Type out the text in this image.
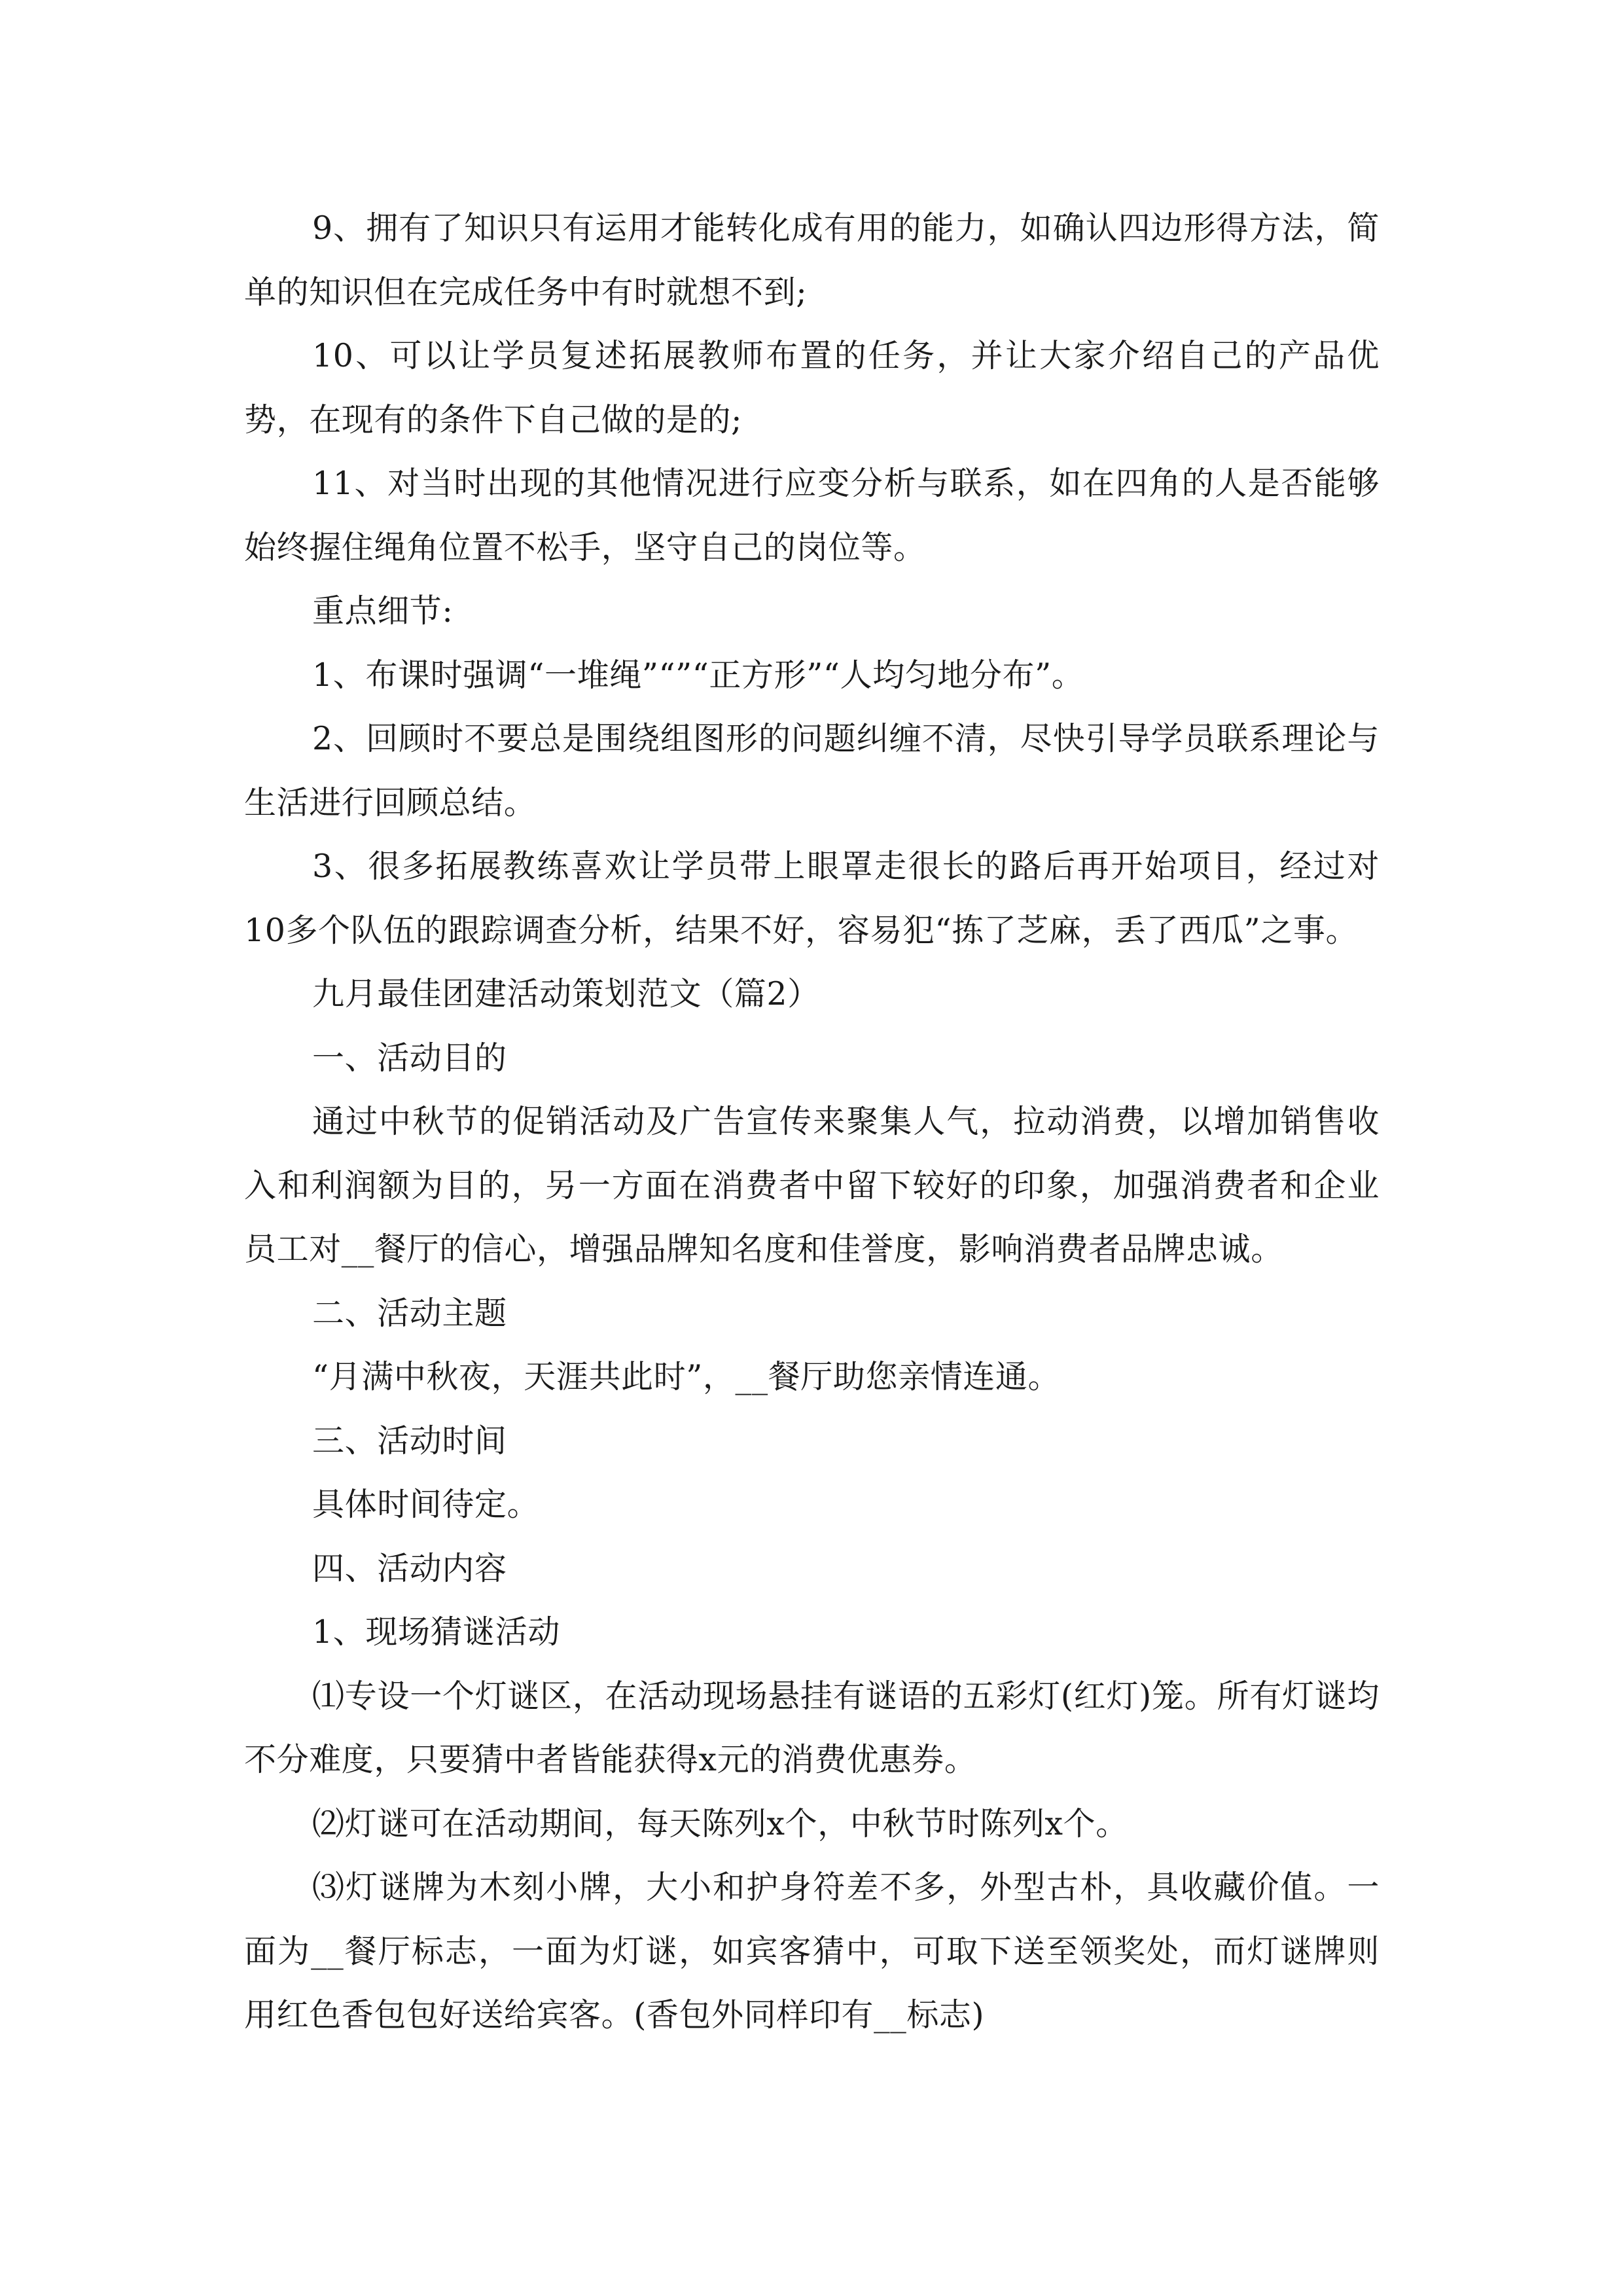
9、拥有了知识只有运用才能转化成有用的能力，如确认四边形得方法，简单的知识但在完成任务中有时就想不到;

10、可以让学员复述拓展教师布置的任务，并让大家介绍自己的产品优势，在现有的条件下自己做的是的;

11、对当时出现的其他情况进行应变分析与联系，如在四角的人是否能够始终握住绳角位置不松手，坚守自己的岗位等。

重点细节:

1、布课时强调“一堆绳”“”“正方形”“人均匀地分布”。

2、回顾时不要总是围绕组图形的问题纠缠不清，尽快引导学员联系理论与生活进行回顾总结。

3、很多拓展教练喜欢让学员带上眼罩走很长的路后再开始项目，经过对10多个队伍的跟踪调查分析，结果不好，容易犯“拣了芝麻，丢了西瓜”之事。

九月最佳团建活动策划范文（篇2）

一、活动目的

通过中秋节的促销活动及广告宣传来聚集人气，拉动消费，以增加销售收入和利润额为目的，另一方面在消费者中留下较好的印象，加强消费者和企业员工对__餐厅的信心，增强品牌知名度和佳誉度，影响消费者品牌忠诚。

二、活动主题

“月满中秋夜，天涯共此时”，__餐厅助您亲情连通。

三、活动时间

具体时间待定。

四、活动内容

1、现场猜谜活动

⑴专设一个灯谜区，在活动现场悬挂有谜语的五彩灯(红灯)笼。所有灯谜均不分难度，只要猜中者皆能获得x元的消费优惠券。

⑵灯谜可在活动期间，每天陈列x个，中秋节时陈列x个。

⑶灯谜牌为木刻小牌，大小和护身符差不多，外型古朴，具收藏价值。一面为__餐厅标志，一面为灯谜，如宾客猜中，可取下送至领奖处，而灯谜牌则用红色香包包好送给宾客。(香包外同样印有__标志)
